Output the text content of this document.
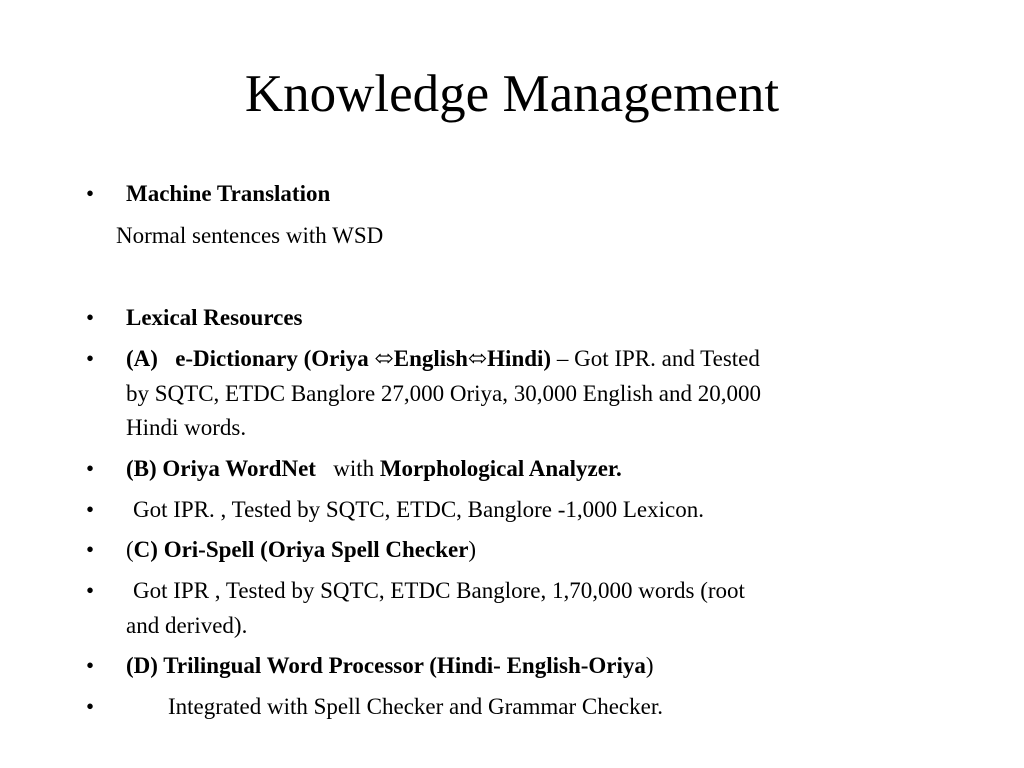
Knowledge Management
• Machine Translation
Normal sentences with WSD
• Lexical Resources
• (A) e-Dictionary (Oriya ⬄English⬄Hindi) – Got IPR. and Tested
by SQTC, ETDC Banglore 27,000 Oriya, 30,000 English and 20,000
Hindi words.
• (B) Oriya WordNet with Morphological Analyzer.
• Got IPR. , Tested by SQTC, ETDC, Banglore -1,000 Lexicon.
• (C) Ori-Spell (Oriya Spell Checker)
• Got IPR , Tested by SQTC, ETDC Banglore, 1,70,000 words (root
and derived).
• (D) Trilingual Word Processor (Hindi- English-Oriya)
•	Integrated with Spell Checker and Grammar Checker.
